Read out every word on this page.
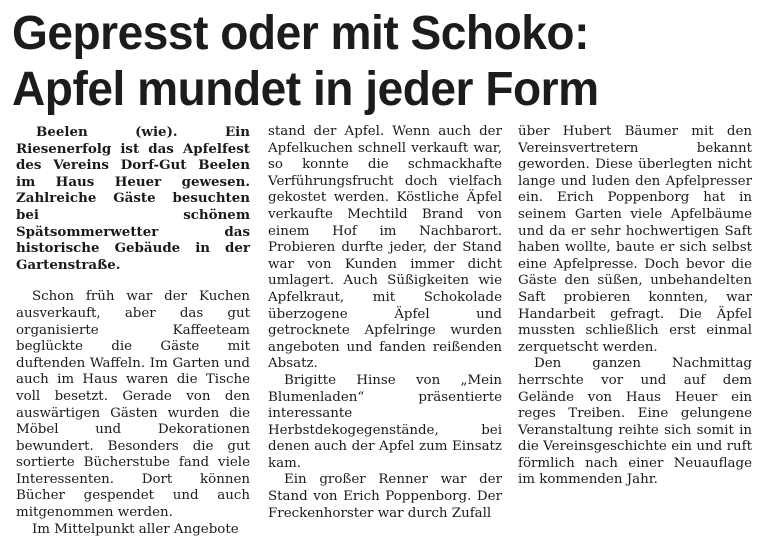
Gepresst oder mit Schoko:
Apfel mundet in jeder Form

Beelen (wie). Ein Riesenerfolg ist das Apfelfest des Vereins Dorf-Gut Beelen im Haus Heuer gewesen. Zahlreiche Gäste besuchten bei schönem Spätsommerwetter das historische Gebäude in der Gartenstraße.

Schon früh war der Kuchen ausverkauft, aber das gut organisierte Kaffeeteam beglückte die Gäste mit duftenden Waffeln. Im Garten und auch im Haus waren die Tische voll besetzt. Gerade von den auswärtigen Gästen wurden die Möbel und Dekorationen bewundert. Besonders die gut sortierte Bücherstube fand viele Interessenten. Dort können Bücher gespendet und auch mitgenommen werden.

Im Mittelpunkt aller Angebote

stand der Apfel. Wenn auch der Apfelkuchen schnell verkauft war, so konnte die schmackhafte Verführungsfrucht doch vielfach gekostet werden. Köstliche Äpfel verkaufte Mechtild Brand von einem Hof im Nachbarort. Probieren durfte jeder, der Stand war von Kunden immer dicht umlagert. Auch Süßigkeiten wie Apfelkraut, mit Schokolade überzogene Äpfel und getrocknete Apfelringe wurden angeboten und fanden reißenden Absatz.

Brigitte Hinse von „Mein Blumenladen“ präsentierte interessante Herbstdekogegenstände, bei denen auch der Apfel zum Einsatz kam.

Ein großer Renner war der Stand von Erich Poppenborg. Der Freckenhorster war durch Zufall

über Hubert Bäumer mit den Vereinsvertretern bekannt geworden. Diese überlegten nicht lange und luden den Apfelpresser ein. Erich Poppenborg hat in seinem Garten viele Apfelbäume und da er sehr hochwertigen Saft haben wollte, baute er sich selbst eine Apfelpresse. Doch bevor die Gäste den süßen, unbehandelten Saft probieren konnten, war Handarbeit gefragt. Die Äpfel mussten schließlich erst einmal zerquetscht werden.

Den ganzen Nachmittag herrschte vor und auf dem Gelände von Haus Heuer ein reges Treiben. Eine gelungene Veranstaltung reihte sich somit in die Vereinsgeschichte ein und ruft förmlich nach einer Neuauflage im kommenden Jahr.
